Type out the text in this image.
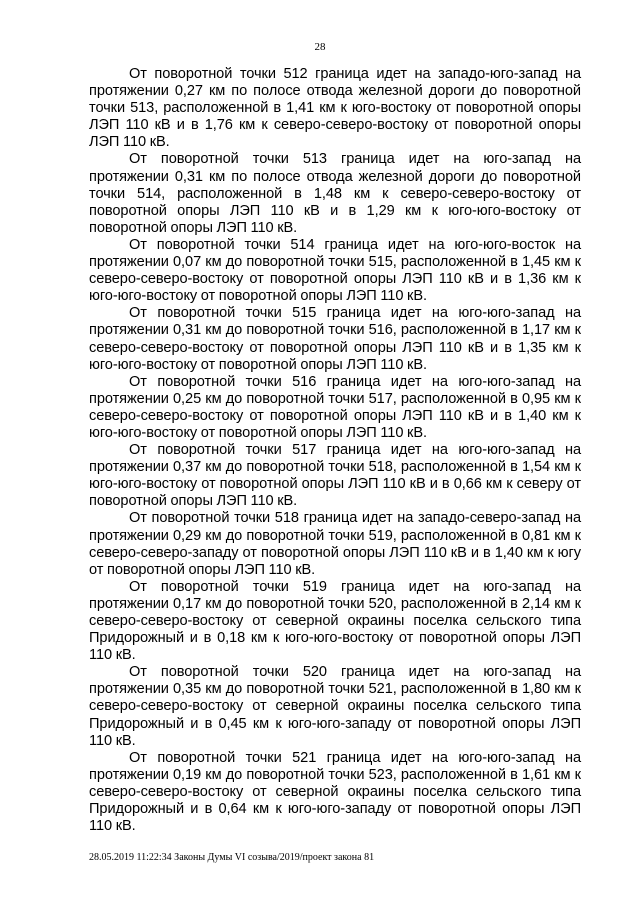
28

От поворотной точки 512 граница идет на западо-юго-запад на протяжении 0,27 км по полосе отвода железной дороги до поворотной точки 513, расположенной в 1,41 км к юго-востоку от поворотной опоры ЛЭП 110 кВ и в 1,76 км к северо-северо-востоку от поворотной опоры ЛЭП 110 кВ.

От поворотной точки 513 граница идет на юго-запад на протяжении 0,31 км по полосе отвода железной дороги до поворотной точки 514, расположенной в 1,48 км к северо-северо-востоку от поворотной опоры ЛЭП 110 кВ и в 1,29 км к юго-юго-востоку от поворотной опоры ЛЭП 110 кВ.

От поворотной точки 514 граница идет на юго-юго-восток на протяжении 0,07 км до поворотной точки 515, расположенной в 1,45 км к северо-северо-востоку от поворотной опоры ЛЭП 110 кВ и в 1,36 км к юго-юго-востоку от поворотной опоры ЛЭП 110 кВ.

От поворотной точки 515 граница идет на юго-юго-запад на протяжении 0,31 км до поворотной точки 516, расположенной в 1,17 км к северо-северо-востоку от поворотной опоры ЛЭП 110 кВ и в 1,35 км к юго-юго-востоку от поворотной опоры ЛЭП 110 кВ.

От поворотной точки 516 граница идет на юго-юго-запад на протяжении 0,25 км до поворотной точки 517, расположенной в 0,95 км к северо-северо-востоку от поворотной опоры ЛЭП 110 кВ и в 1,40 км к юго-юго-востоку от поворотной опоры ЛЭП 110 кВ.

От поворотной точки 517 граница идет на юго-юго-запад на протяжении 0,37 км до поворотной точки 518, расположенной в 1,54 км к юго-юго-востоку от поворотной опоры ЛЭП 110 кВ и в 0,66 км к северу от поворотной опоры ЛЭП 110 кВ.

От поворотной точки 518 граница идет на западо-северо-запад на протяжении 0,29 км до поворотной точки 519, расположенной в 0,81 км к северо-северо-западу от поворотной опоры ЛЭП 110 кВ и в 1,40 км к югу от поворотной опоры ЛЭП 110 кВ.

От поворотной точки 519 граница идет на юго-запад на протяжении 0,17 км до поворотной точки 520, расположенной в 2,14 км к северо-северо-востоку от северной окраины поселка сельского типа Придорожный и в 0,18 км к юго-юго-востоку от поворотной опоры ЛЭП 110 кВ.

От поворотной точки 520 граница идет на юго-запад на протяжении 0,35 км до поворотной точки 521, расположенной в 1,80 км к северо-северо-востоку от северной окраины поселка сельского типа Придорожный и в 0,45 км к юго-юго-западу от поворотной опоры ЛЭП 110 кВ.

От поворотной точки 521 граница идет на юго-юго-запад на протяжении 0,19 км до поворотной точки 523, расположенной в 1,61 км к северо-северо-востоку от северной окраины поселка сельского типа Придорожный и в 0,64 км к юго-юго-западу от поворотной опоры ЛЭП 110 кВ.

28.05.2019 11:22:34 Законы Думы VI созыва/2019/проект закона 81
